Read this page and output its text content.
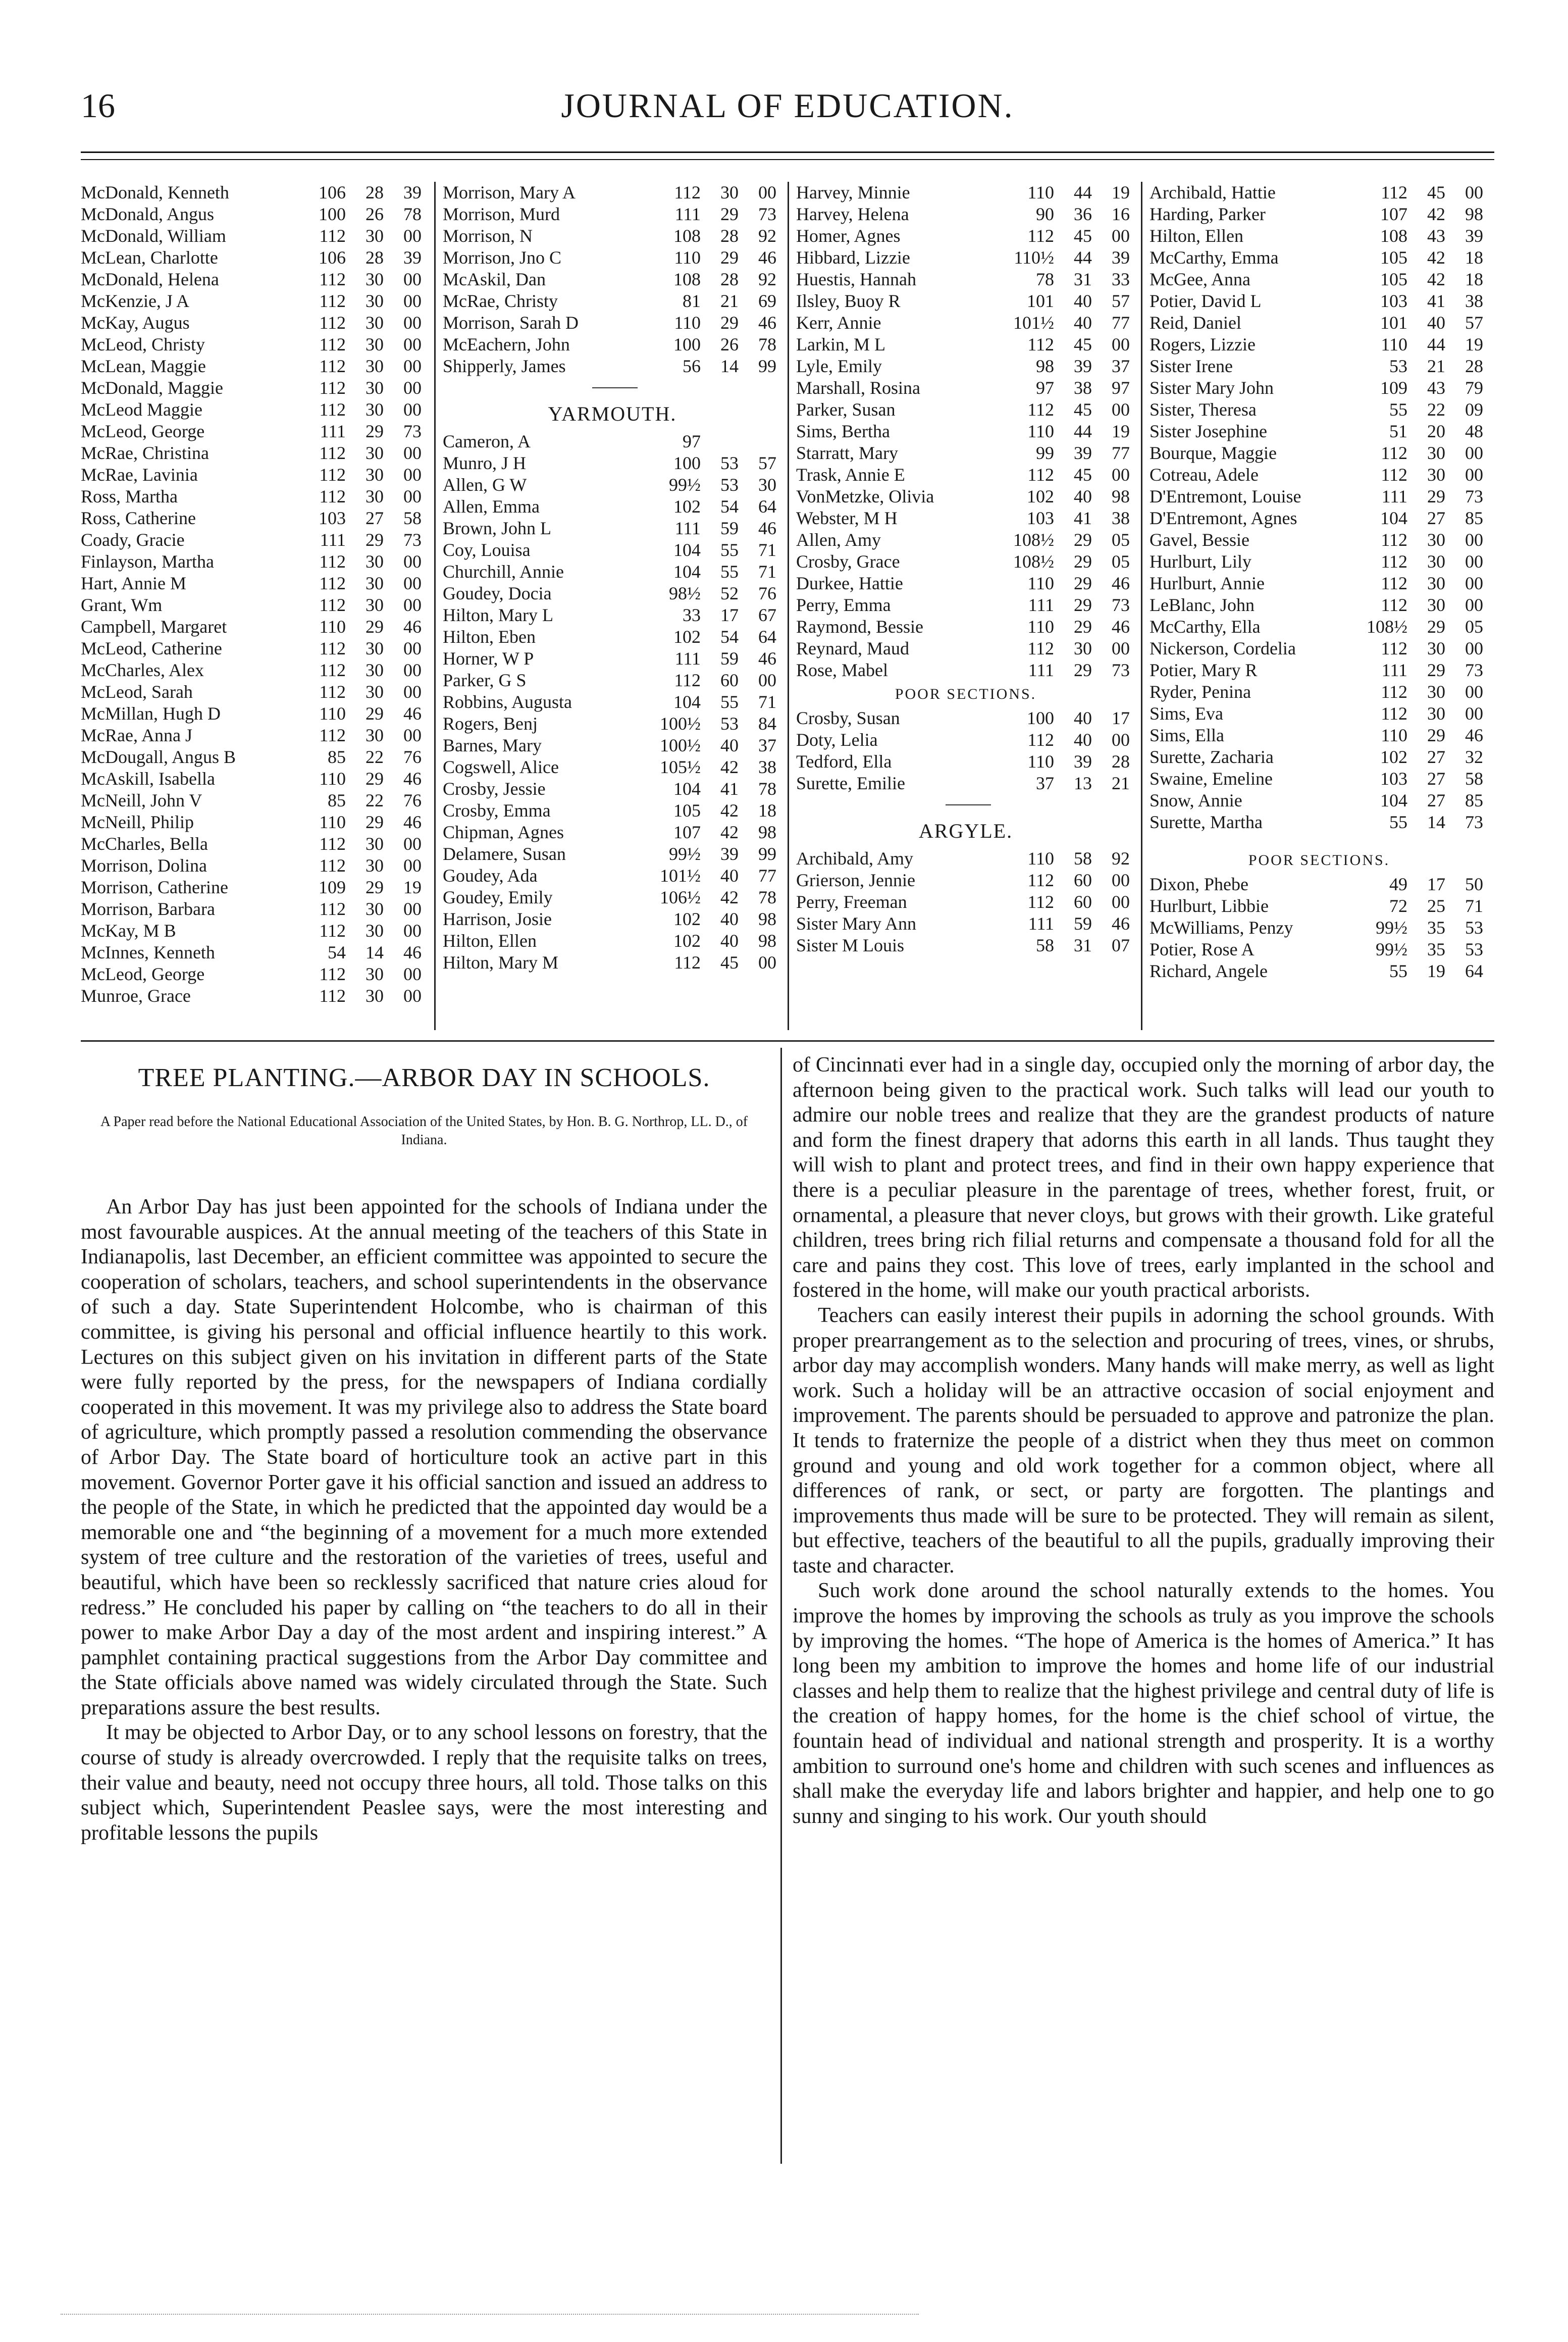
16	JOURNAL OF EDUCATION.
McDonald, Kenneth	106	28	39
McDonald, Angus	100	26	78
McDonald, William	112	30	00
McLean, Charlotte	106	28	39
McDonald, Helena	112	30	00
McKenzie, J A	112	30	00
McKay, Augus	112	30	00
McLeod, Christy	112	30	00
McLean, Maggie	112	30	00
McDonald, Maggie	112	30	00
McLeod Maggie	112	30	00
McLeod, George	111	29	73
McRae, Christina	112	30	00
McRae, Lavinia	112	30	00
Ross, Martha	112	30	00
Ross, Catherine	103	27	58
Coady, Gracie	111	29	73
Finlayson, Martha	112	30	00
Hart, Annie M	112	30	00
Grant, Wm	112	30	00
Campbell, Margaret	110	29	46
McLeod, Catherine	112	30	00
McCharles, Alex	112	30	00
McLeod, Sarah	112	30	00
McMillan, Hugh D	110	29	46
McRae, Anna J	112	30	00
McDougall, Angus B	85	22	76
McAskill, Isabella	110	29	46
McNeill, John V	85	22	76
McNeill, Philip	110	29	46
McCharles, Bella	112	30	00
Morrison, Dolina	112	30	00
Morrison, Catherine	109	29	19
Morrison, Barbara	112	30	00
McKay, M B	112	30	00
McInnes, Kenneth	54	14	46
McLeod, George	112	30	00
Munroe, Grace	112	30	00
Morrison, Mary A	112	30	00
Morrison, Murd	111	29	73
Morrison, N	108	28	92
Morrison, Jno C	110	29	46
McAskil, Dan	108	28	92
McRae, Christy	81	21	69
Morrison, Sarah D	110	29	46
McEachern, John	100	26	78
Shipperly, James	56	14	99
YARMOUTH.
Cameron, A	97
Munro, J H	100	53	57
Allen, G W	99½	53	30
Allen, Emma	102	54	64
Brown, John L	111	59	46
Coy, Louisa	104	55	71
Churchill, Annie	104	55	71
Goudey, Docia	98½	52	76
Hilton, Mary L	33	17	67
Hilton, Eben	102	54	64
Horner, W P	111	59	46
Parker, G S	112	60	00
Robbins, Augusta	104	55	71
Rogers, Benj	100½	53	84
Barnes, Mary	100½	40	37
Cogswell, Alice	105½	42	38
Crosby, Jessie	104	41	78
Crosby, Emma	105	42	18
Chipman, Agnes	107	42	98
Delamere, Susan	99½	39	99
Goudey, Ada	101½	40	77
Goudey, Emily	106½	42	78
Harrison, Josie	102	40	98
Hilton, Ellen	102	40	98
Hilton, Mary M	112	45	00
Harvey, Minnie	110	44	19
Harvey, Helena	90	36	16
Homer, Agnes	112	45	00
Hibbard, Lizzie	110½	44	39
Huestis, Hannah	78	31	33
Ilsley, Buoy R	101	40	57
Kerr, Annie	101½	40	77
Larkin, M L	112	45	00
Lyle, Emily	98	39	37
Marshall, Rosina	97	38	97
Parker, Susan	112	45	00
Sims, Bertha	110	44	19
Starratt, Mary	99	39	77
Trask, Annie E	112	45	00
VonMetzke, Olivia	102	40	98
Webster, M H	103	41	38
Allen, Amy	108½	29	05
Crosby, Grace	108½	29	05
Durkee, Hattie	110	29	46
Perry, Emma	111	29	73
Raymond, Bessie	110	29	46
Reynard, Maud	112	30	00
Rose, Mabel	111	29	73
POOR SECTIONS.
Crosby, Susan	100	40	17
Doty, Lelia	112	40	00
Tedford, Ella	110	39	28
Surette, Emilie	37	13	21
ARGYLE.
Archibald, Amy	110	58	92
Grierson, Jennie	112	60	00
Perry, Freeman	112	60	00
Sister Mary Ann	111	59	46
Sister M Louis	58	31	07
Archibald, Hattie	112	45	00
Harding, Parker	107	42	98
Hilton, Ellen	108	43	39
McCarthy, Emma	105	42	18
McGee, Anna	105	42	18
Potier, David L	103	41	38
Reid, Daniel	101	40	57
Rogers, Lizzie	110	44	19
Sister Irene	53	21	28
Sister Mary John	109	43	79
Sister, Theresa	55	22	09
Sister Josephine	51	20	48
Bourque, Maggie	112	30	00
Cotreau, Adele	112	30	00
D'Entremont, Louise	111	29	73
D'Entremont, Agnes	104	27	85
Gavel, Bessie	112	30	00
Hurlburt, Lily	112	30	00
Hurlburt, Annie	112	30	00
LeBlanc, John	112	30	00
McCarthy, Ella	108½	29	05
Nickerson, Cordelia	112	30	00
Potier, Mary R	111	29	73
Ryder, Penina	112	30	00
Sims, Eva	112	30	00
Sims, Ella	110	29	46
Surette, Zacharia	102	27	32
Swaine, Emeline	103	27	58
Snow, Annie	104	27	85
Surette, Martha	55	14	73
POOR SECTIONS.
Dixon, Phebe	49	17	50
Hurlburt, Libbie	72	25	71
McWilliams, Penzy	99½	35	53
Potier, Rose A	99½	35	53
Richard, Angele	55	19	64
TREE PLANTING.—ARBOR DAY IN SCHOOLS.
A Paper read before the National Educational Association of the United States, by Hon. B. G. Northrop, LL. D., of Indiana.

An Arbor Day has just been appointed for the schools of Indiana under the most favourable auspices. At the annual meeting of the teachers of this State in Indianapolis, last December, an efficient committee was appointed to secure the cooperation of scholars, teachers, and school superintendents in the observance of such a day. State Superintendent Holcombe, who is chairman of this committee, is giving his personal and official influence heartily to this work. Lectures on this subject given on his invitation in different parts of the State were fully reported by the press, for the newspapers of Indiana cordially cooperated in this movement. It was my privilege also to address the State board of agriculture, which promptly passed a resolution commending the observance of Arbor Day. The State board of horticulture took an active part in this movement. Governor Porter gave it his official sanction and issued an address to the people of the State, in which he predicted that the appointed day would be a memorable one and “the beginning of a movement for a much more extended system of tree culture and the restoration of the varieties of trees, useful and beautiful, which have been so recklessly sacrificed that nature cries aloud for redress.” He concluded his paper by calling on “the teachers to do all in their power to make Arbor Day a day of the most ardent and inspiring interest.” A pamphlet containing practical suggestions from the Arbor Day committee and the State officials above named was widely circulated through the State. Such preparations assure the best results.

It may be objected to Arbor Day, or to any school lessons on forestry, that the course of study is already overcrowded. I reply that the requisite talks on trees, their value and beauty, need not occupy three hours, all told. Those talks on this subject which, Superintendent Peaslee says, were the most interesting and profitable lessons the pupils

of Cincinnati ever had in a single day, occupied only the morning of arbor day, the afternoon being given to the practical work. Such talks will lead our youth to admire our noble trees and realize that they are the grandest products of nature and form the finest drapery that adorns this earth in all lands. Thus taught they will wish to plant and protect trees, and find in their own happy experience that there is a peculiar pleasure in the parentage of trees, whether forest, fruit, or ornamental, a pleasure that never cloys, but grows with their growth. Like grateful children, trees bring rich filial returns and compensate a thousand fold for all the care and pains they cost. This love of trees, early implanted in the school and fostered in the home, will make our youth practical arborists.

Teachers can easily interest their pupils in adorning the school grounds. With proper prearrangement as to the selection and procuring of trees, vines, or shrubs, arbor day may accomplish wonders. Many hands will make merry, as well as light work. Such a holiday will be an attractive occasion of social enjoyment and improvement. The parents should be persuaded to approve and patronize the plan. It tends to fraternize the people of a district when they thus meet on common ground and young and old work together for a common object, where all differences of rank, or sect, or party are forgotten. The plantings and improvements thus made will be sure to be protected. They will remain as silent, but effective, teachers of the beautiful to all the pupils, gradually improving their taste and character.

Such work done around the school naturally extends to the homes. You improve the homes by improving the schools as truly as you improve the schools by improving the homes. “The hope of America is the homes of America.” It has long been my ambition to improve the homes and home life of our industrial classes and help them to realize that the highest privilege and central duty of life is the creation of happy homes, for the home is the chief school of virtue, the fountain head of individual and national strength and prosperity. It is a worthy ambition to surround one's home and children with such scenes and influences as shall make the everyday life and labors brighter and happier, and help one to go sunny and singing to his work. Our youth should
